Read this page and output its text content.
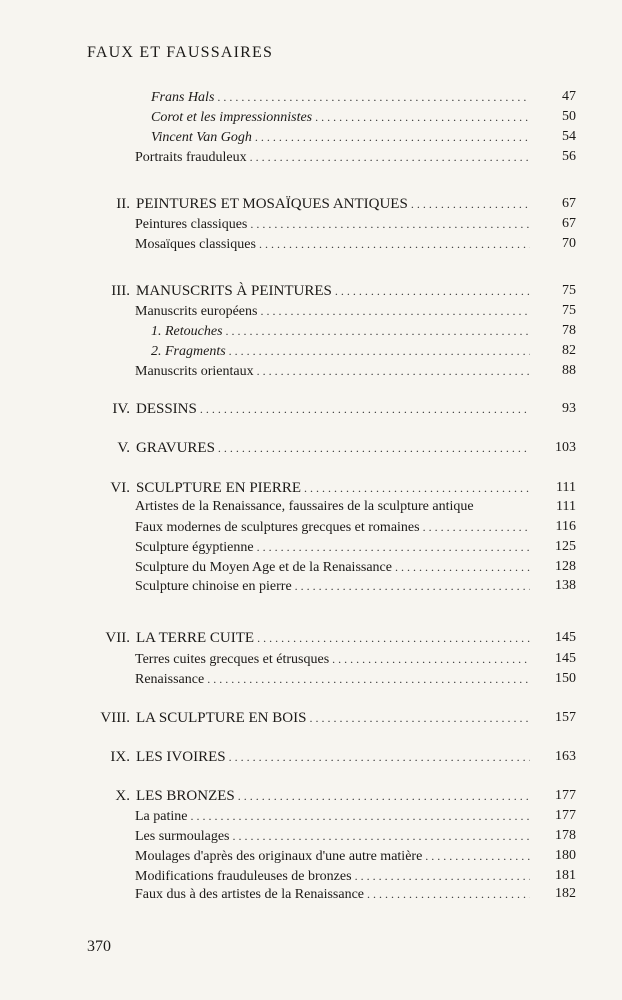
FAUX ET FAUSSAIRES
Frans Hals . . .	47
Corot et les impressionnistes . . .	50
Vincent Van Gogh . . .	54
Portraits frauduleux . . .	56
II. PEINTURES ET MOSAÏQUES ANTIQUES . . .	67
Peintures classiques . . .	67
Mosaïques classiques . . .	70
III. MANUSCRITS À PEINTURES . . .	75
Manuscrits européens . . .	75
1. Retouches . . .	78
2. Fragments . . .	82
Manuscrits orientaux . . .	88
IV. DESSINS . . .	93
V. GRAVURES . . .	103
VI. SCULPTURE EN PIERRE . . .	111
Artistes de la Renaissance, faussaires de la sculpture antique	111
Faux modernes de sculptures grecques et romaines . . .	116
Sculpture égyptienne . . .	125
Sculpture du Moyen Age et de la Renaissance . . .	128
Sculpture chinoise en pierre . . .	138
VII. LA TERRE CUITE . . .	145
Terres cuites grecques et étrusques . . .	145
Renaissance . . .	150
VIII. LA SCULPTURE EN BOIS . . .	157
IX. LES IVOIRES . . .	163
X. LES BRONZES . . .	177
La patine . . .	177
Les surmoulages . . .	178
Moulages d'après des originaux d'une autre matière . . .	180
Modifications frauduleuses de bronzes . . .	181
Faux dus à des artistes de la Renaissance . . .	182
370
